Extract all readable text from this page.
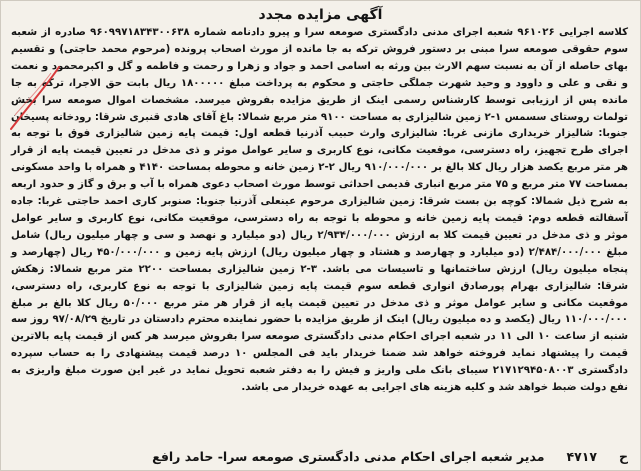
آگهی مزایده مجدد
کلاسه اجرایی ۹۶۱۰۲۶ شعبه اجرای مدنی دادگستری صومعه سرا و پیرو دادنامه شماره ۹۶۰۹۹۷۱۸۳۴۳۰۰۶۳۸ صادره از شعبه سوم حقوقی صومعه سرا مبنی بر دستور فروش ترکه به جا مانده از مورث اصحاب پرونده (مرحوم محمد حاجتی) و تقسیم بهای حاصله از آن به نسبت سهم الارث بین ورثه به اسامی احمد و جواد و زهرا و رحمت و فاطمه و گل و اکبرمحمود و نعمت و نقی و علی و داوود و وحید شهرت جملگی حاجتی و محکوم به پرداخت مبلغ ۱۸۰۰۰۰۰ ریال بابت حق الاجرا، ترکه به جا مانده پس از ارزیابی توسط کارشناس رسمی اینک از طریق مزایده بفروش میرسد. مشخصات اموال صومعه سرا بخش تولمات روستای سسمس ۱-۲ زمین شالیزاری به مساحت ۹۱۰۰ متر مربع شمالا: باغ آقای هادی قنبری شرقا: رودخانه پسیخان جنوبا: شالیزار خریداری مازنی غربا: شالیزاری وارث حبیب آذرنیا قطعه اول: قیمت پایه زمین شالیزاری فوق با توجه به اجرای طرح تجهیز، راه دسترسی، موقعیت مکانی، نوع کاربری و سایر عوامل موثر و ذی مدخل در تعیین قیمت پایه از قرار هر متر مربع یکصد هزار ریال کلا بالغ بر ۹۱۰/۰۰۰/۰۰۰ ریال ۲-۲ زمین خانه و محوطه بمساحت ۴۱۴۰ و همراه با واحد مسکونی بمساحت ۷۷ متر مربع و ۷۵ متر مربع انباری قدیمی احداثی توسط مورث اصحاب دعوی همراه با آب و برق و گاز و حدود اربعه به شرح ذیل شمالا: کوچه بن بست شرقا: زمین شالیزاری مرحوم عینعلی آذرنیا جنوبا: صنوبر کاری احمد حاجتی غربا: جاده آسفالته قطعه دوم: قیمت پایه زمین خانه و محوطه با توجه به راه دسترسی، موقعیت مکانی، نوع کاربری و سایر عوامل موثر و ذی مدخل در تعیین قیمت کلا به ارزش ۲/۹۳۴/۰۰۰/۰۰۰ ریال (دو میلیارد و نهصد و سی و چهار میلیون ریال) شامل مبلغ ۲/۴۸۴/۰۰۰/۰۰۰ (دو میلیارد و چهارصد و هشتاد و چهار میلیون ریال) ارزش پایه زمین و ۴۵۰/۰۰۰/۰۰۰ ریال (چهارصد و پنجاه میلیون ریال) ارزش ساختمانها و تاسیسات می باشد. ۳-۲ زمین شالیزاری بمساحت ۲۲۰۰ متر مربع شمالا: زهکش شرقا: شالیزاری بهرام پورصادق انواری قطعه سوم قیمت پایه زمین شالیزاری با توجه به نوع کاربری، راه دسترسی، موقعیت مکانی و سایر عوامل موثر و ذی مدخل در تعیین قیمت پایه از قرار هر متر مربع ۵۰/۰۰۰ ریال کلا بالغ بر مبلغ ۱۱۰/۰۰۰/۰۰۰ ریال (یکصد و ده میلیون ریال) اینک از طریق مزایده با حضور نماینده محترم دادستان در تاریخ ۹۷/۰۸/۲۹ روز سه شنبه از ساعت ۱۰ الی ۱۱ در شعبه اجرای احکام مدنی دادگستری صومعه سرا بفروش میرسد هر کس از قیمت پایه بالاترین قیمت را پیشنهاد نماید فروخته خواهد شد ضمنا خریدار باید فی المجلس ۱۰ درصد قیمت پیشنهادی را به حساب سپرده دادگستری ۲۱۷۱۲۹۴۵۰۸۰۰۳ سیبای بانک ملی واریز و فیش را به دفتر شعبه تحویل نماید در غیر این صورت مبلغ واریزی به نفع دولت ضبط خواهد شد و کلیه هزینه های اجرایی به عهده خریدار می باشد.
ح
۴۷۱۷
مدیر شعبه اجرای احکام مدنی دادگستری صومعه سرا- حامد رافع
